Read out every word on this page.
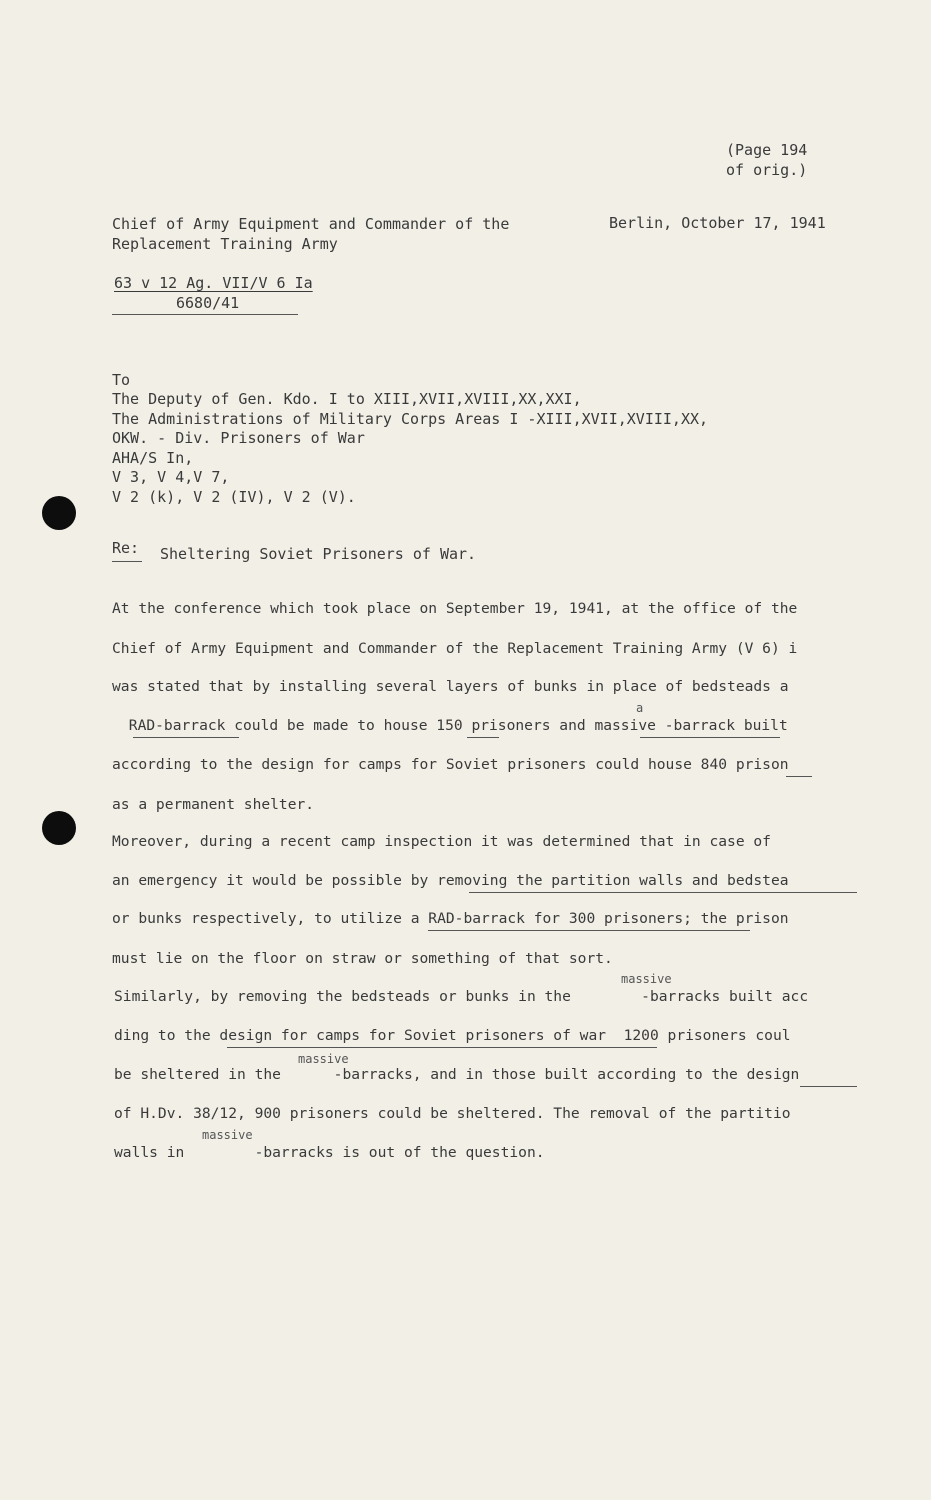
(Page 194
of orig.)
Chief of Army Equipment and Commander of the
Replacement Training Army
Berlin, October 17, 1941
63 v 12 Ag. VII/V 6 Ia
6680/41
To
The Deputy of Gen. Kdo. I to XIII,XVII,XVIII,XX,XXI,
The Administrations of Military Corps Areas I -XIII,XVII,XVIII,XX,
OKW. - Div. Prisoners of War
AHA/S In,
V 3, V 4,V 7,
V 2 (k), V 2 (IV), V 2 (V).
Re: Sheltering Soviet Prisoners of War.
At the conference which took place on September 19, 1941, at the office of the
Chief of Army Equipment and Commander of the Replacement Training Army (V 6) i
was stated that by installing several layers of bunks in place of bedsteads a
a
RAD-barrack could be made to house 150 prisoners and massive -barrack built
according to the design for camps for Soviet prisoners could house 840 prison
as a permanent shelter.
Moreover, during a recent camp inspection it was determined that in case of
an emergency it would be possible by removing the partition walls and bedstea
or bunks respectively, to utilize a RAD-barrack for 300 prisoners; the prison
must lie on the floor on straw or something of that sort.
massive
Similarly, by removing the bedsteads or bunks in the        -barracks built acc
ding to the design for camps for Soviet prisoners of war  1200 prisoners coul
massive
be sheltered in the      -barracks, and in those built according to the design
of H.Dv. 38/12, 900 prisoners could be sheltered. The removal of the partitio
massive
walls in        -barracks is out of the question.
